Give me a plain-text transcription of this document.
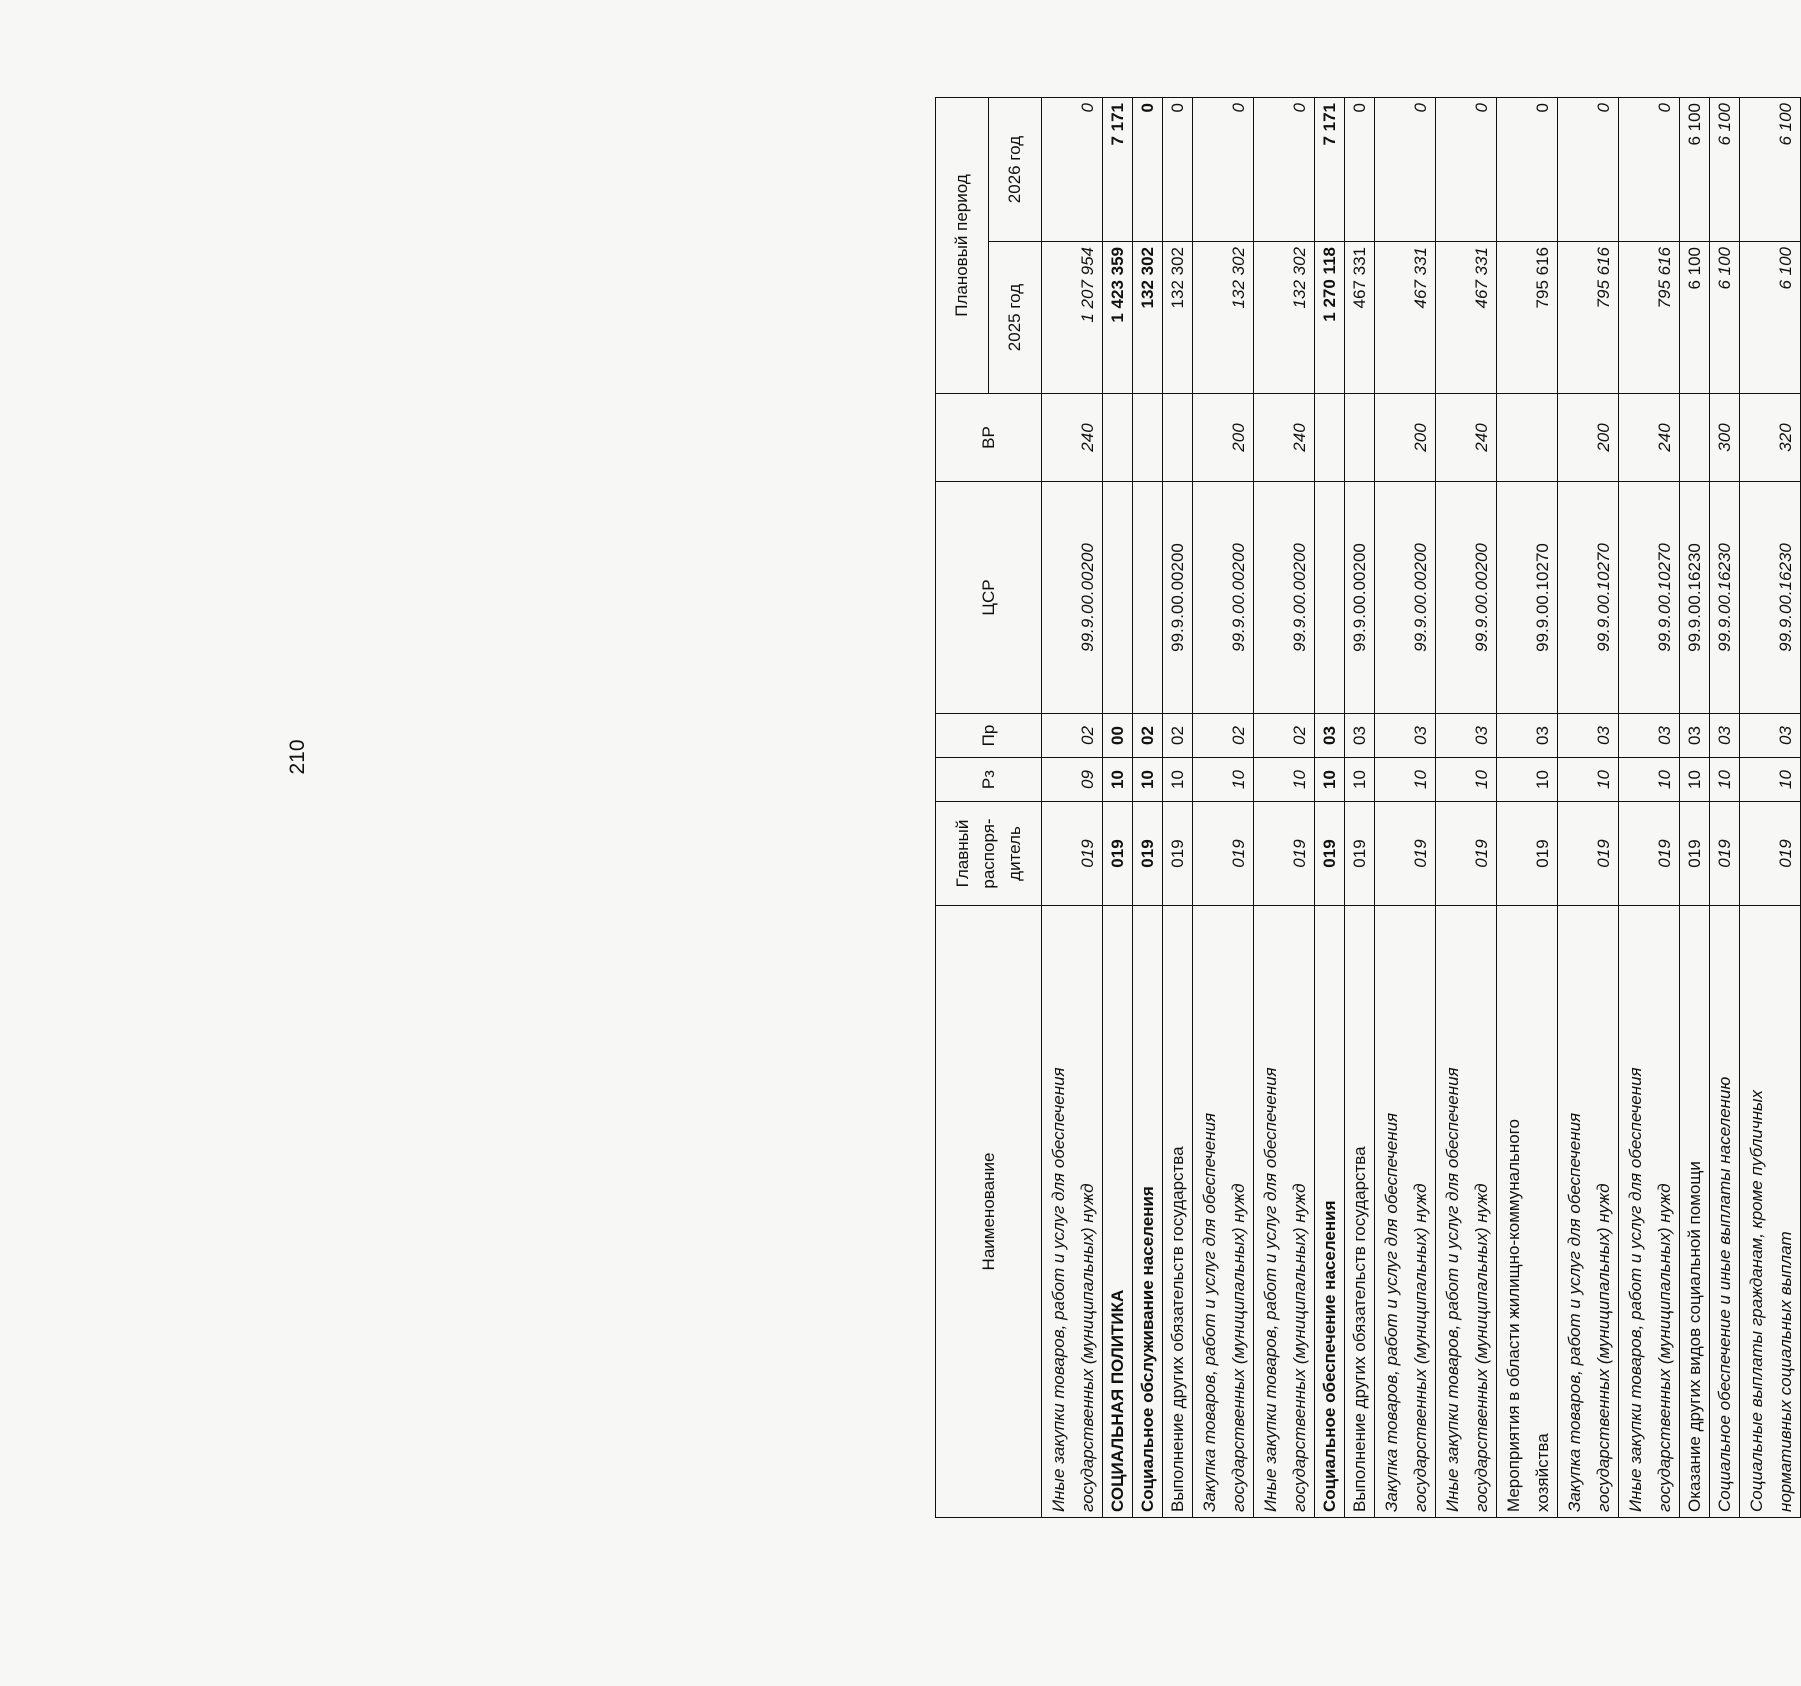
210
Наименование	Главный распоря- дитель	Рз	Пр	ЦСР	ВР	Плановый период	
						2025 год	2026 год

Иные закупки товаров, работ и услуг для обеспечения государственных (муниципальных) нужд	019	09	02	99.9.00.00200	240	1 207 954	0

СОЦИАЛЬНАЯ ПОЛИТИКА	019	10	00			1 423 359	7 171

Социальное обслуживание населения	019	10	02			132 302	0

Выполнение других обязательств государства	019	10	02	99.9.00.00200		132 302	0

Закупка товаров, работ и услуг для обеспечения государственных (муниципальных) нужд	019	10	02	99.9.00.00200	200	132 302	0

Иные закупки товаров, работ и услуг для обеспечения государственных (муниципальных) нужд	019	10	02	99.9.00.00200	240	132 302	0

Социальное обеспечение населения	019	10	03			1 270 118	7 171

Выполнение других обязательств государства	019	10	03	99.9.00.00200		467 331	0

Закупка товаров, работ и услуг для обеспечения государственных (муниципальных) нужд	019	10	03	99.9.00.00200	200	467 331	0

Иные закупки товаров, работ и услуг для обеспечения государственных (муниципальных) нужд	019	10	03	99.9.00.00200	240	467 331	0

Мероприятия в области жилищно-коммунального хозяйства	019	10	03	99.9.00.10270		795 616	0

Закупка товаров, работ и услуг для обеспечения государственных (муниципальных) нужд	019	10	03	99.9.00.10270	200	795 616	0

Иные закупки товаров, работ и услуг для обеспечения государственных (муниципальных) нужд	019	10	03	99.9.00.10270	240	795 616	0

Оказание других видов социальной помощи	019	10	03	99.9.00.16230		6 100	6 100

Социальное обеспечение и иные выплаты населению	019	10	03	99.9.00.16230	300	6 100	6 100

Социальные выплаты гражданам, кроме публичных нормативных социальных выплат	019	10	03	99.9.00.16230	320	6 100	6 100
